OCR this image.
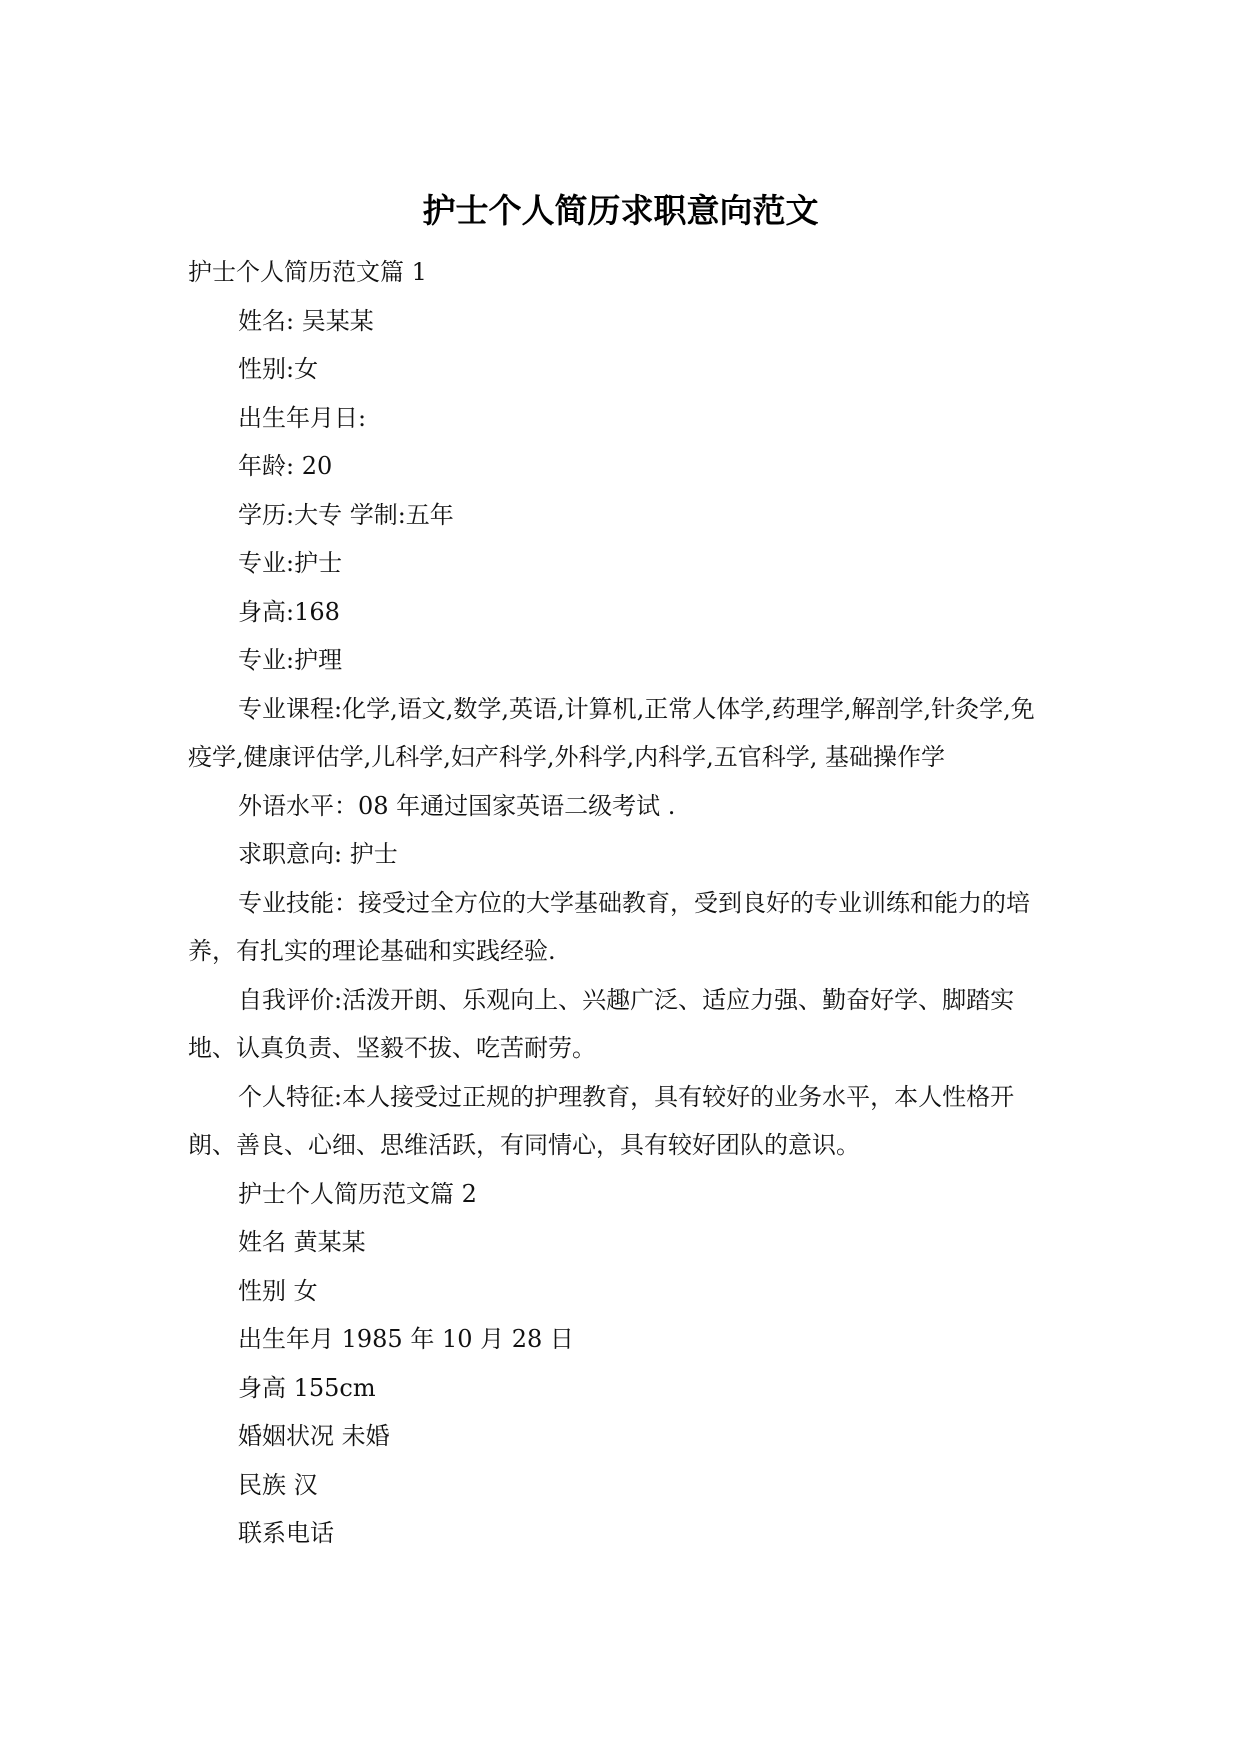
护士个人简历求职意向范文

护士个人简历范文篇 1

姓名: 吴某某

性别:女

出生年月日:

年龄: 20

学历:大专 学制:五年

专业:护士

身高:168

专业:护理

专业课程:化学,语文,数学,英语,计算机,正常人体学,药理学,解剖学,针灸学,免疫学,健康评估学,儿科学,妇产科学,外科学,内科学,五官科学, 基础操作学

外语水平：08 年通过国家英语二级考试 .

求职意向: 护士

专业技能：接受过全方位的大学基础教育，受到良好的专业训练和能力的培养，有扎实的理论基础和实践经验.

自我评价:活泼开朗、乐观向上、兴趣广泛、适应力强、勤奋好学、脚踏实地、认真负责、坚毅不拔、吃苦耐劳。

个人特征:本人接受过正规的护理教育，具有较好的业务水平，本人性格开朗、善良、心细、思维活跃，有同情心，具有较好团队的意识。

护士个人简历范文篇 2

姓名 黄某某

性别 女

出生年月 1985 年 10 月 28 日

身高 155cm

婚姻状况 未婚

民族 汉

联系电话
